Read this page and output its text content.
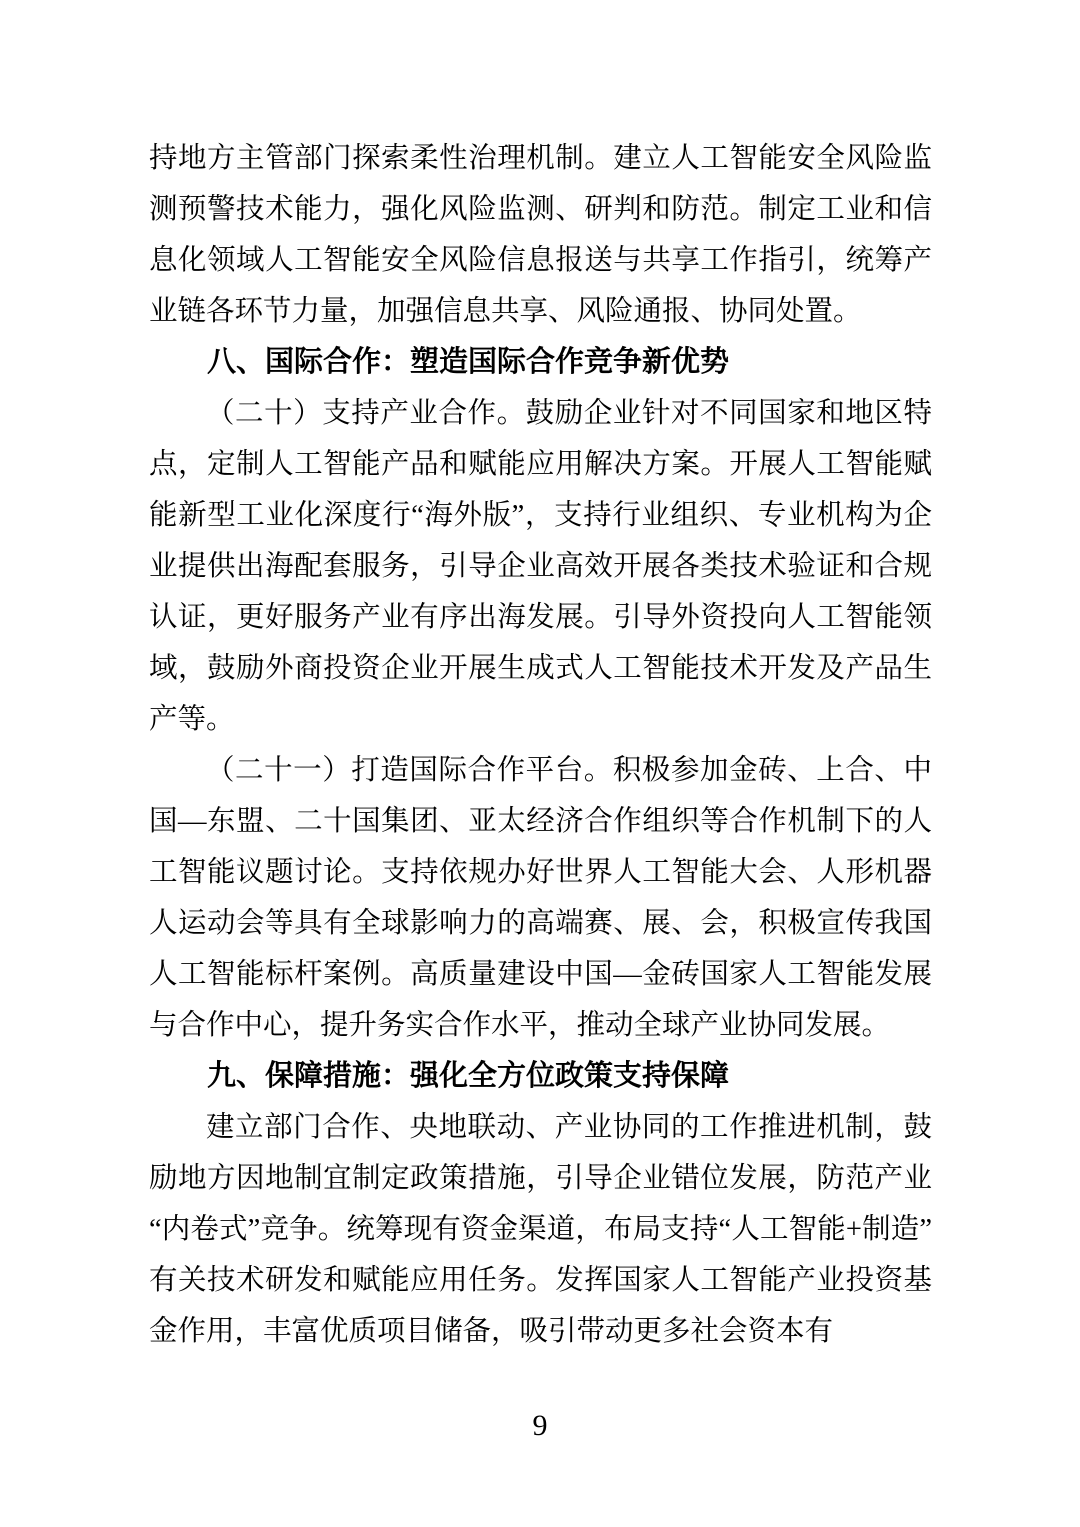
持地方主管部门探索柔性治理机制。建立人工智能安全风险监测预警技术能力，强化风险监测、研判和防范。制定工业和信息化领域人工智能安全风险信息报送与共享工作指引，统筹产业链各环节力量，加强信息共享、风险通报、协同处置。

八、国际合作：塑造国际合作竞争新优势

（二十）支持产业合作。鼓励企业针对不同国家和地区特点，定制人工智能产品和赋能应用解决方案。开展人工智能赋能新型工业化深度行“海外版”，支持行业组织、专业机构为企业提供出海配套服务，引导企业高效开展各类技术验证和合规认证，更好服务产业有序出海发展。引导外资投向人工智能领域，鼓励外商投资企业开展生成式人工智能技术开发及产品生产等。

（二十一）打造国际合作平台。积极参加金砖、上合、中国—东盟、二十国集团、亚太经济合作组织等合作机制下的人工智能议题讨论。支持依规办好世界人工智能大会、人形机器人运动会等具有全球影响力的高端赛、展、会，积极宣传我国人工智能标杆案例。高质量建设中国—金砖国家人工智能发展与合作中心，提升务实合作水平，推动全球产业协同发展。

九、保障措施：强化全方位政策支持保障

建立部门合作、央地联动、产业协同的工作推进机制，鼓励地方因地制宜制定政策措施，引导企业错位发展，防范产业“内卷式”竞争。统筹现有资金渠道，布局支持“人工智能+制造”有关技术研发和赋能应用任务。发挥国家人工智能产业投资基金作用，丰富优质项目储备，吸引带动更多社会资本有

9
